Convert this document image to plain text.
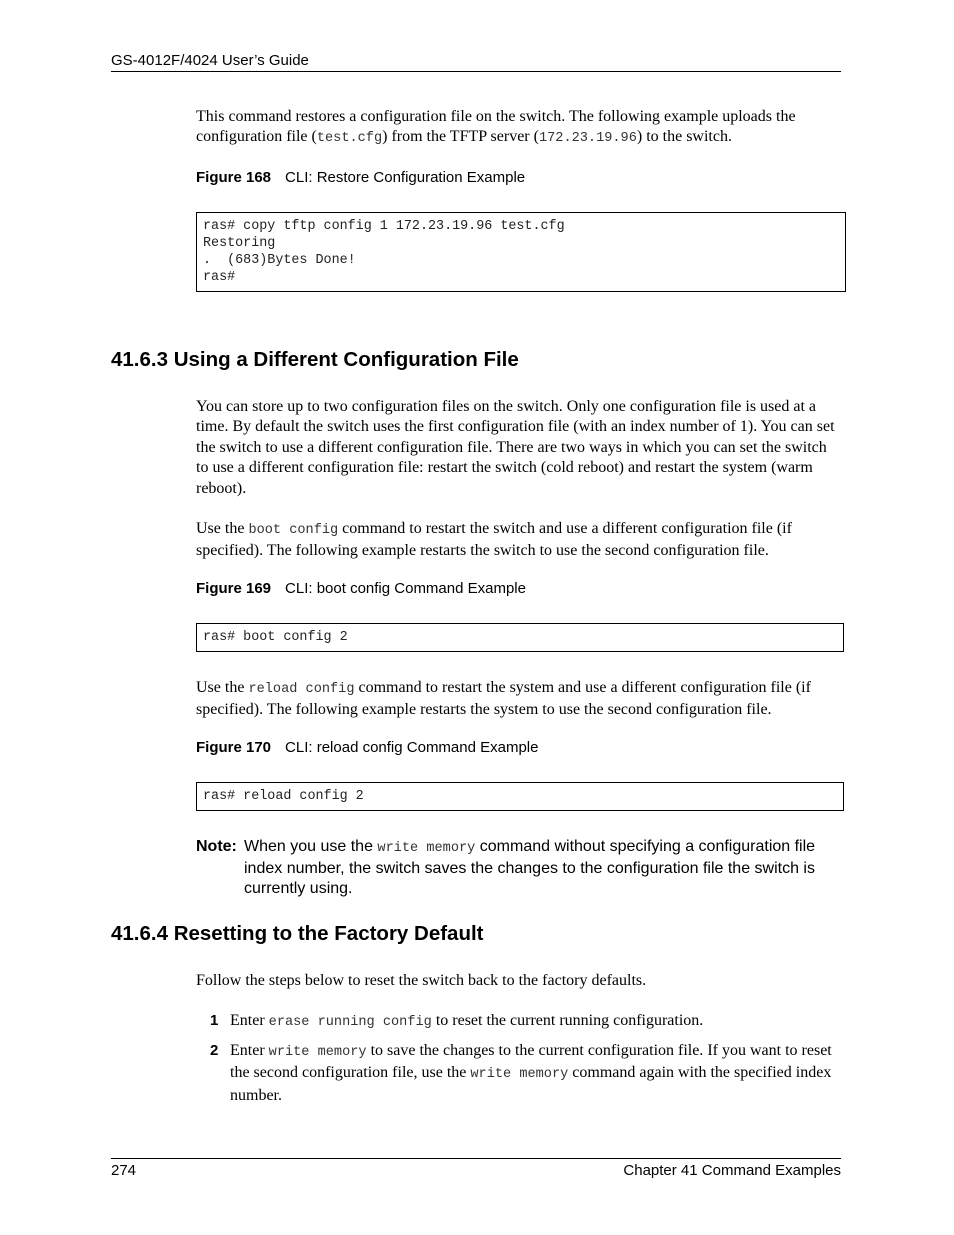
GS-4012F/4024 User’s Guide
This command restores a configuration file on the switch. The following example uploads the configuration file (test.cfg) from the TFTP server (172.23.19.96) to the switch.
Figure 168 CLI: Restore Configuration Example
ras# copy tftp config 1 172.23.19.96 test.cfg
Restoring
.  (683)Bytes Done!
ras#
41.6.3 Using a Different Configuration File
You can store up to two configuration files on the switch. Only one configuration file is used at a time. By default the switch uses the first configuration file (with an index number of 1). You can set the switch to use a different configuration file. There are two ways in which you can set the switch to use a different configuration file: restart the switch (cold reboot) and restart the system (warm reboot).
Use the boot config command to restart the switch and use a different configuration file (if specified). The following example restarts the switch to use the second configuration file.
Figure 169 CLI: boot config Command Example
ras# boot config 2
Use the reload config command to restart the system and use a different configuration file (if specified). The following example restarts the system to use the second configuration file.
Figure 170 CLI: reload config Command Example
ras# reload config 2
Note: When you use the write memory command without specifying a configuration file index number, the switch saves the changes to the configuration file the switch is currently using.
41.6.4 Resetting to the Factory Default
Follow the steps below to reset the switch back to the factory defaults.
1 Enter erase running config to reset the current running configuration.
2 Enter write memory to save the changes to the current configuration file. If you want to reset the second configuration file, use the write memory command again with the specified index number.
274	Chapter 41 Command Examples
